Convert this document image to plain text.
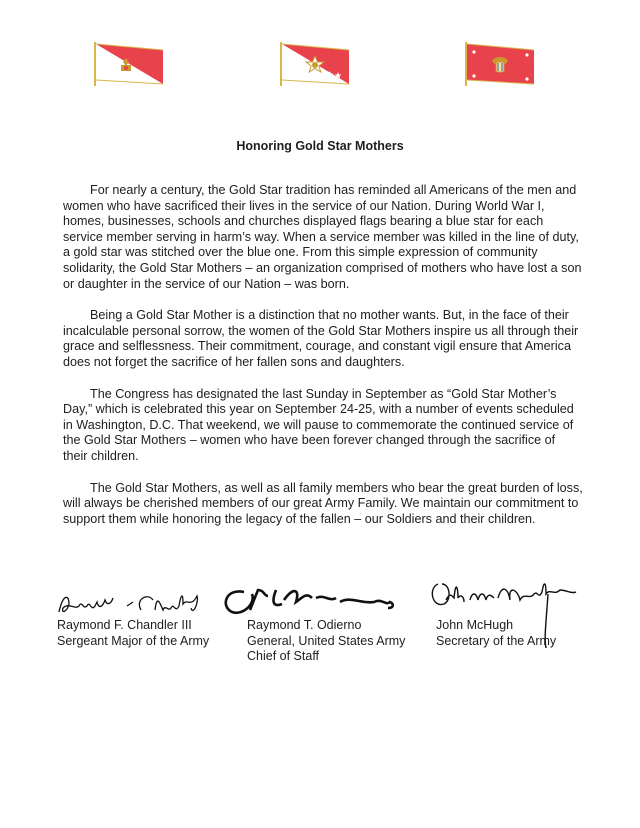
Honoring Gold Star Mothers

For nearly a century, the Gold Star tradition has reminded all Americans of the men and women who have sacrificed their lives in the service of our Nation. During World War I, homes, businesses, schools and churches displayed flags bearing a blue star for each service member serving in harm’s way. When a service member was killed in the line of duty, a gold star was stitched over the blue one. From this simple expression of community solidarity, the Gold Star Mothers – an organization comprised of mothers who have lost a son or daughter in the service of our Nation – was born.

Being a Gold Star Mother is a distinction that no mother wants. But, in the face of their incalculable personal sorrow, the women of the Gold Star Mothers inspire us all through their grace and selflessness. Their commitment, courage, and constant vigil ensure that America does not forget the sacrifice of her fallen sons and daughters.

The Congress has designated the last Sunday in September as “Gold Star Mother’s Day,” which is celebrated this year on September 24-25, with a number of events scheduled in Washington, D.C. That weekend, we will pause to commemorate the continued service of the Gold Star Mothers – women who have been forever changed through the sacrifice of their children.

The Gold Star Mothers, as well as all family members who bear the great burden of loss, will always be cherished members of our great Army Family. We maintain our commitment to support them while honoring the legacy of the fallen – our Soldiers and their children.

Raymond F. Chandler III
Sergeant Major of the Army
Raymond T. Odierno
General, United States Army
Chief of Staff
John McHugh
Secretary of the Army
